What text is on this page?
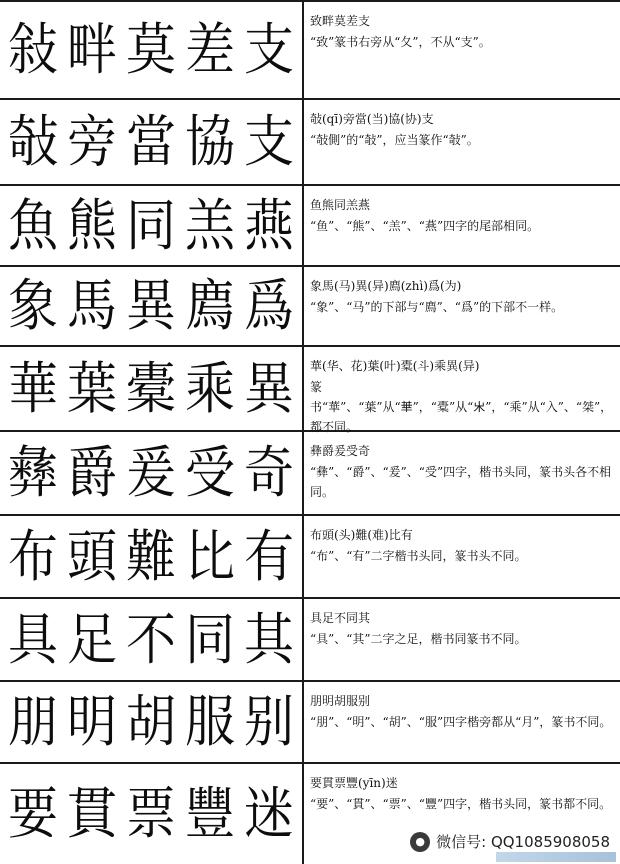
敍 畔 莫 差 支	致畔莫差支
“致”篆书右旁从“夂”，不从“支”。
敧 旁 當 協 支	敧(qī)旁當(当)協(协)支
“敧側”的“敧”，应当篆作“敧”。
魚 熊 同 羔 燕	鱼熊同羔燕
“鱼”、“熊”、“羔”、“燕”四字的尾部相同。
象 馬 異 廌 爲	象馬(马)異(异)廌(zhì)爲(为)
“象”、“马”的下部与“廌”、“爲”的下部不一样。
華 葉 橐 乘 異	華(华、花)葉(叶)橐(斗)乘異(异)
篆书“華”、“葉”从“𠦒”，“橐”从“𣎵”，“乘”从“入”、“桀”，都不同。
彝 爵 爰 受 奇	彝爵爰受奇
“彝”、“爵”、“爰”、“受”四字，楷书头同，篆书头各不相同。
布 頭 難 比 有	布頭(头)難(难)比有
“布”、“有”二字楷书头同，篆书头不同。
具 足 不 同 其	具足不同其
“具”、“其”二字之足，楷书同篆书不同。
朋 明 胡 服 别	朋明胡服别
“朋”、“明”、“胡”、“服”四字楷旁都从“月”，篆书不同。
要 貫 票 豐 迷	要貫票豐(yīn)迷
“要”、“貫”、“票”、“豐”四字，楷书头同，篆书都不同。
● 微信号: QQ1085908058
